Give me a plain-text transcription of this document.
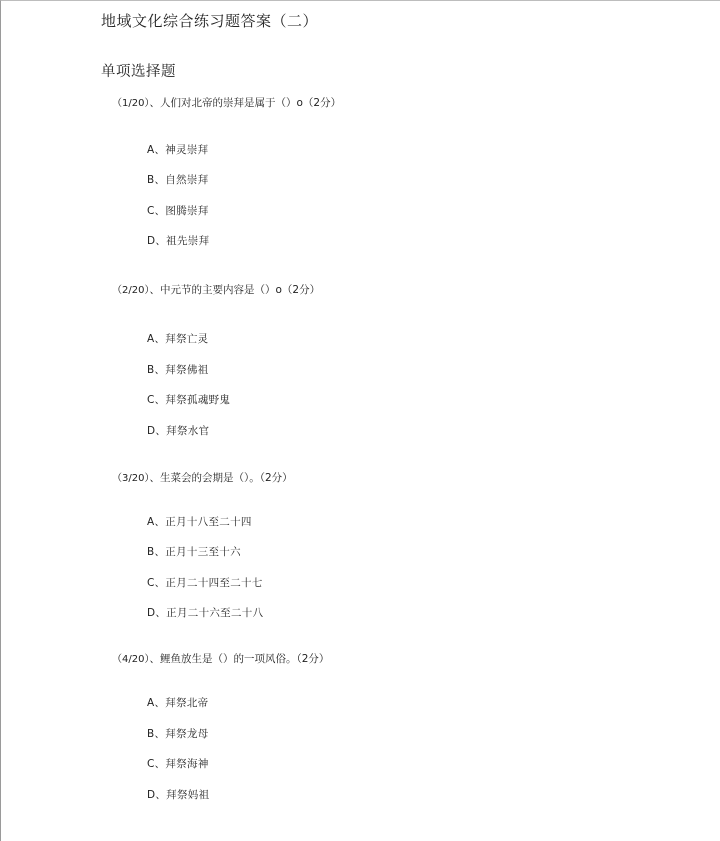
地域文化综合练习题答案（二）
单项选择题
（1/20）、人们对北帝的崇拜是属于（）o（2分）
A、神灵崇拜
B、自然崇拜
C、图腾崇拜
D、祖先崇拜
（2/20）、中元节的主要内容是（）o（2分）
A、拜祭亡灵
B、拜祭佛祖
C、拜祭孤魂野鬼
D、拜祭水官
（3/20）、生菜会的会期是（）。（2分）
A、正月十八至二十四
B、正月十三至十六
C、正月二十四至二十七
D、正月二十六至二十八
（4/20）、鲤鱼放生是（）的一项风俗。（2分）
A、拜祭北帝
B、拜祭龙母
C、拜祭海神
D、拜祭妈祖
